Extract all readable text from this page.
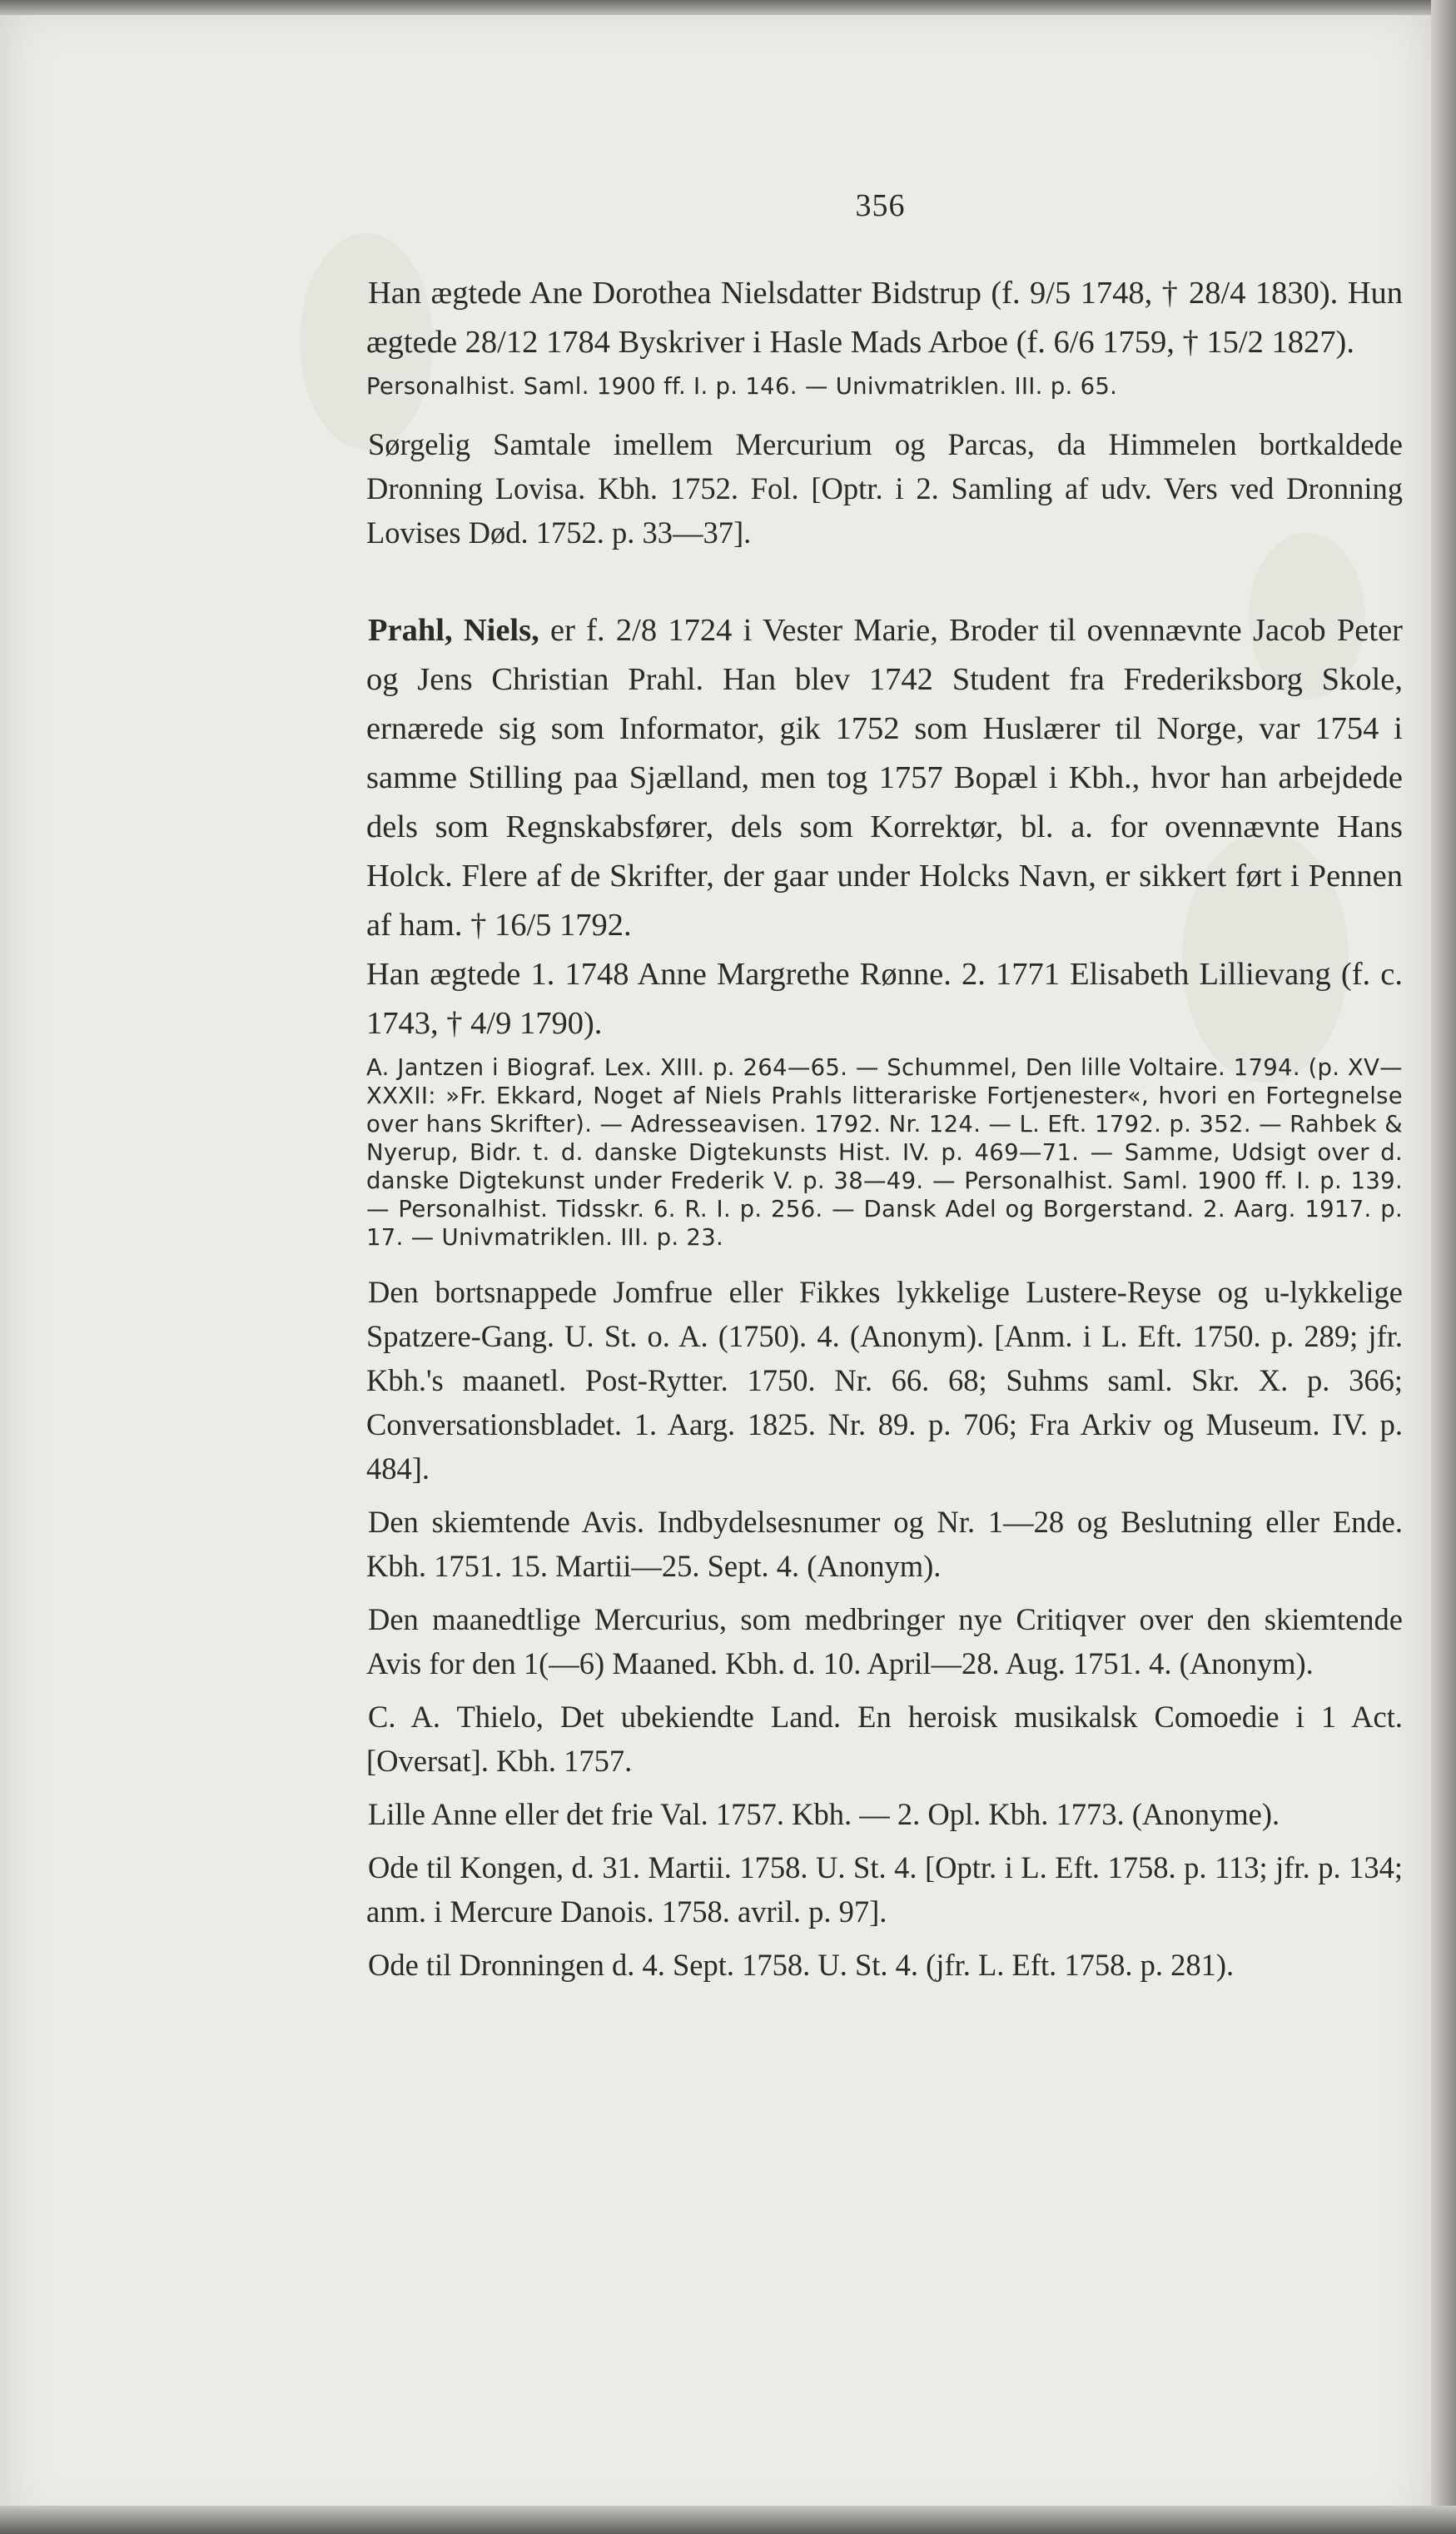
356

Han ægtede Ane Dorothea Nielsdatter Bidstrup (f. 9/5 1748, † 28/4 1830). Hun ægtede 28/12 1784 Byskriver i Hasle Mads Arboe (f. 6/6 1759, † 15/2 1827).

Personalhist. Saml. 1900 ff. I. p. 146. — Univmatriklen. III. p. 65.

Sørgelig Samtale imellem Mercurium og Parcas, da Himmelen bortkaldede Dronning Lovisa. Kbh. 1752. Fol. [Optr. i 2. Samling af udv. Vers ved Dronning Lovises Død. 1752. p. 33—37].

Prahl, Niels, er f. 2/8 1724 i Vester Marie, Broder til ovennævnte Jacob Peter og Jens Christian Prahl. Han blev 1742 Student fra Frederiksborg Skole, ernærede sig som Informator, gik 1752 som Huslærer til Norge, var 1754 i samme Stilling paa Sjælland, men tog 1757 Bopæl i Kbh., hvor han arbejdede dels som Regnskabsfører, dels som Korrektør, bl. a. for ovennævnte Hans Holck. Flere af de Skrifter, der gaar under Holcks Navn, er sikkert ført i Pennen af ham. † 16/5 1792.

Han ægtede 1. 1748 Anne Margrethe Rønne. 2. 1771 Elisabeth Lillievang (f. c. 1743, † 4/9 1790).

A. Jantzen i Biograf. Lex. XIII. p. 264—65. — Schummel, Den lille Voltaire. 1794. (p. XV—XXXII: »Fr. Ekkard, Noget af Niels Prahls litterariske Fortjenester«, hvori en Fortegnelse over hans Skrifter). — Adresseavisen. 1792. Nr. 124. — L. Eft. 1792. p. 352. — Rahbek & Nyerup, Bidr. t. d. danske Digtekunsts Hist. IV. p. 469—71. — Samme, Udsigt over d. danske Digtekunst under Frederik V. p. 38—49. — Personalhist. Saml. 1900 ff. I. p. 139. — Personalhist. Tidsskr. 6. R. I. p. 256. — Dansk Adel og Borgerstand. 2. Aarg. 1917. p. 17. — Univmatriklen. III. p. 23.

Den bortsnappede Jomfrue eller Fikkes lykkelige Lustere-Reyse og u-lykkelige Spatzere-Gang. U. St. o. A. (1750). 4. (Anonym). [Anm. i L. Eft. 1750. p. 289; jfr. Kbh.'s maanetl. Post-Rytter. 1750. Nr. 66. 68; Suhms saml. Skr. X. p. 366; Conversationsbladet. 1. Aarg. 1825. Nr. 89. p. 706; Fra Arkiv og Museum. IV. p. 484].

Den skiemtende Avis. Indbydelsesnumer og Nr. 1—28 og Beslutning eller Ende. Kbh. 1751. 15. Martii—25. Sept. 4. (Anonym).

Den maanedtlige Mercurius, som medbringer nye Critiqver over den skiemtende Avis for den 1(—6) Maaned. Kbh. d. 10. April—28. Aug. 1751. 4. (Anonym).

C. A. Thielo, Det ubekiendte Land. En heroisk musikalsk Comoedie i 1 Act. [Oversat]. Kbh. 1757.

Lille Anne eller det frie Val. 1757. Kbh. — 2. Opl. Kbh. 1773. (Anonyme).

Ode til Kongen, d. 31. Martii. 1758. U. St. 4. [Optr. i L. Eft. 1758. p. 113; jfr. p. 134; anm. i Mercure Danois. 1758. avril. p. 97].

Ode til Dronningen d. 4. Sept. 1758. U. St. 4. (jfr. L. Eft. 1758. p. 281).
